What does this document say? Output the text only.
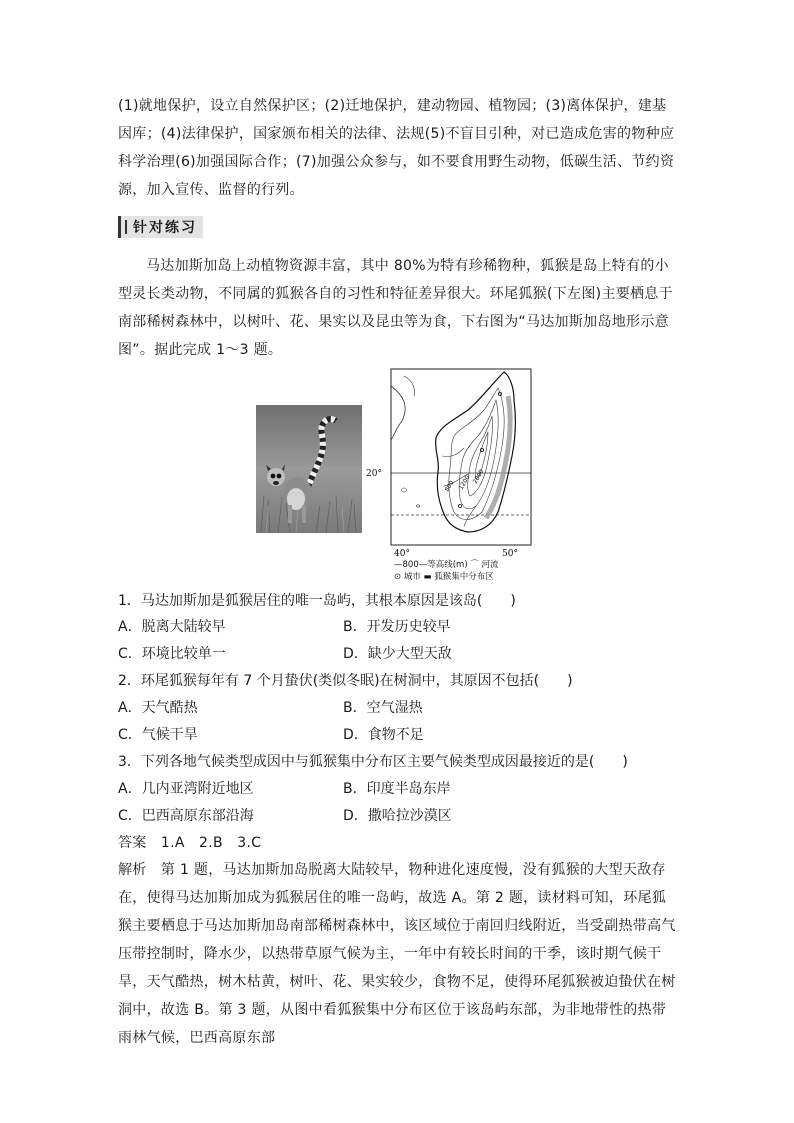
(1)就地保护，设立自然保护区；(2)迁地保护，建动物园、植物园；(3)离体保护，建基因库；(4)法律保护，国家颁布相关的法律、法规(5)不盲目引种，对已造成危害的物种应科学治理(6)加强国际合作；(7)加强公众参与，如不要食用野生动物，低碳生活、节约资源，加入宣传、监督的行列。

针对练习

马达加斯加岛上动植物资源丰富，其中 80%为特有珍稀物种，狐猴是岛上特有的小型灵长类动物，不同属的狐猴各自的习性和特征差异很大。环尾狐猴(下左图)主要栖息于南部稀树森林中，以树叶、花、果实以及昆虫等为食，下右图为“马达加斯加岛地形示意图”。据此完成 1～3 题。

20°
40°	50°
800 1200 2000
—800—等高线(m) ⌒ 河流
⊙ 城市 ▬ 狐猴集中分布区

1．马达加斯加是狐猴居住的唯一岛屿，其根本原因是该岛(　　)

A．脱离大陆较早	B．开发历史较早

C．环境比较单一	D．缺少大型天敌

2．环尾狐猴每年有 7 个月蛰伏(类似冬眠)在树洞中，其原因不包括(　　)

A．天气酷热	B．空气湿热

C．气候干旱	D．食物不足

3．下列各地气候类型成因中与狐猴集中分布区主要气候类型成因最接近的是(　　)

A．几内亚湾附近地区	B．印度半岛东岸

C．巴西高原东部沿海	D．撒哈拉沙漠区

答案　1.A　2.B　3.C

解析　第 1 题，马达加斯加岛脱离大陆较早，物种进化速度慢，没有狐猴的大型天敌存在，使得马达加斯加成为狐猴居住的唯一岛屿，故选 A。第 2 题，读材料可知，环尾狐猴主要栖息于马达加斯加岛南部稀树森林中，该区域位于南回归线附近，当受副热带高气压带控制时，降水少，以热带草原气候为主，一年中有较长时间的干季，该时期气候干旱，天气酷热，树木枯黄，树叶、花、果实较少，食物不足，使得环尾狐猴被迫蛰伏在树洞中，故选 B。第 3 题，从图中看狐猴集中分布区位于该岛屿东部，为非地带性的热带雨林气候，巴西高原东部
